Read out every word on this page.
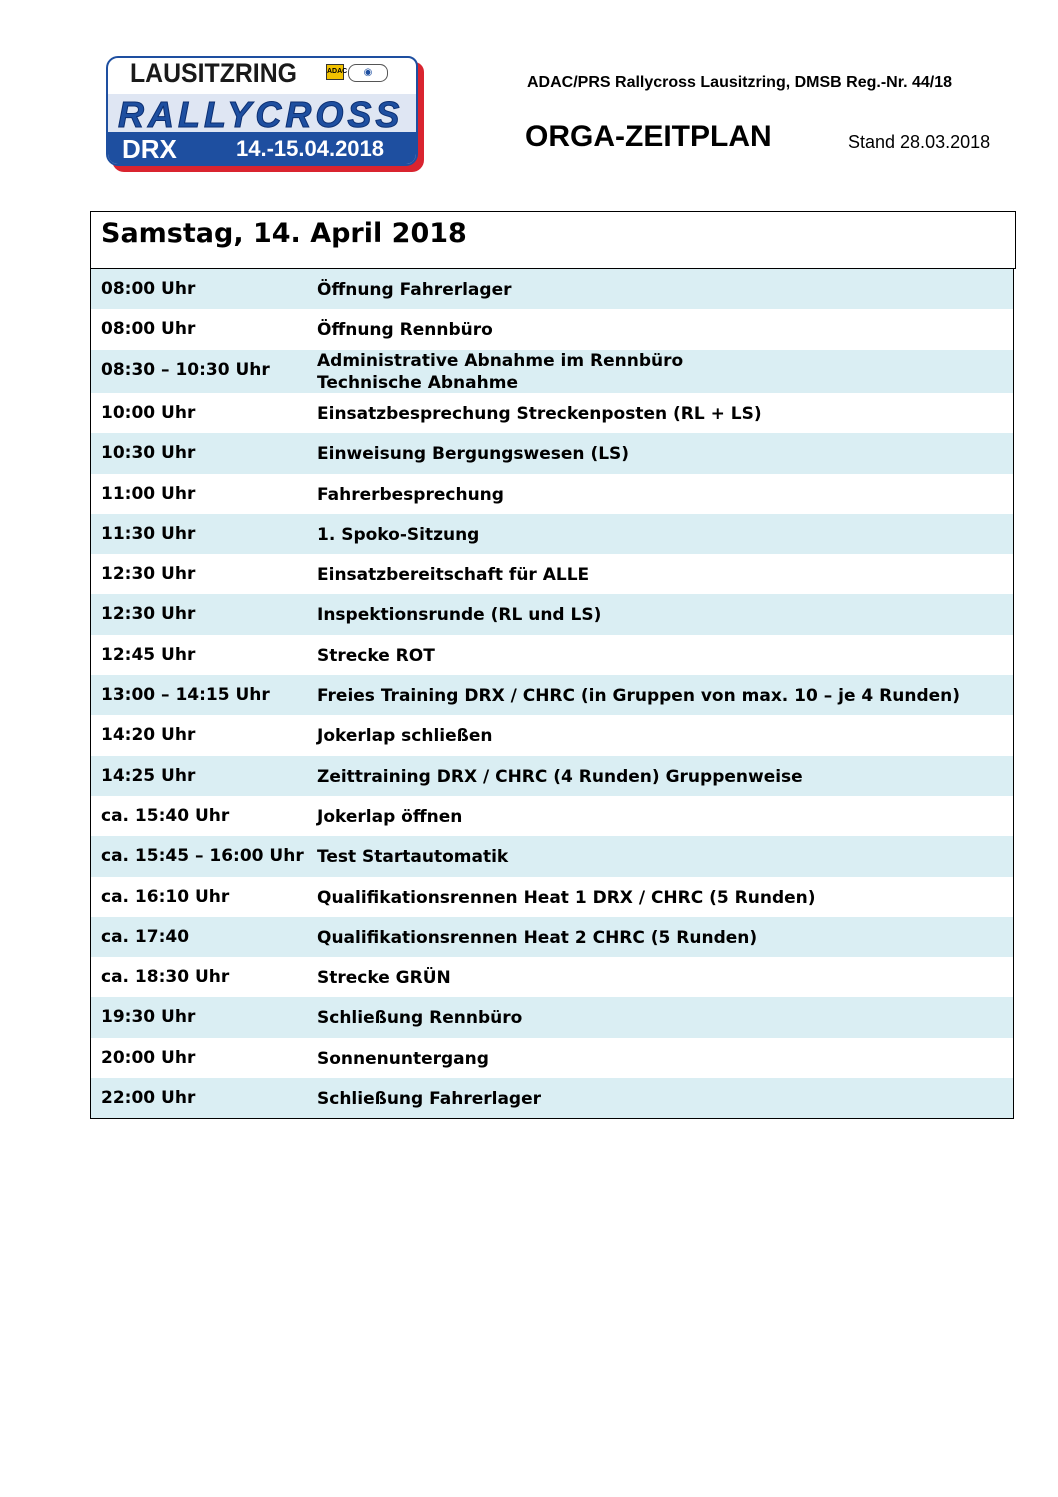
LAUSITZRING	ADAC	◉
RALLYCROSS
DRX	14.-15.04.2018
ADAC/PRS Rallycross Lausitzring, DMSB Reg.-Nr. 44/18
ORGA-ZEITPLAN	Stand 28.03.2018
Samstag, 14. April 2018
08:00 Uhr	Öffnung Fahrerlager
08:00 Uhr	Öffnung Rennbüro
08:30 – 10:30 Uhr	Administrative Abnahme im Rennbüro
Technische Abnahme
10:00 Uhr	Einsatzbesprechung Streckenposten (RL + LS)
10:30 Uhr	Einweisung Bergungswesen (LS)
11:00 Uhr	Fahrerbesprechung
11:30 Uhr	1. Spoko-Sitzung
12:30 Uhr	Einsatzbereitschaft für ALLE
12:30 Uhr	Inspektionsrunde (RL und LS)
12:45 Uhr	Strecke ROT
13:00 – 14:15 Uhr	Freies Training DRX / CHRC (in Gruppen von max. 10 – je 4 Runden)
14:20 Uhr	Jokerlap schließen
14:25 Uhr	Zeittraining DRX / CHRC (4 Runden) Gruppenweise
ca. 15:40 Uhr	Jokerlap öffnen
ca. 15:45 – 16:00 Uhr Test Startautomatik
ca. 16:10 Uhr	Qualifikationsrennen Heat 1 DRX / CHRC (5 Runden)
ca. 17:40	Qualifikationsrennen Heat 2 CHRC (5 Runden)
ca. 18:30 Uhr	Strecke GRÜN
19:30 Uhr	Schließung Rennbüro
20:00 Uhr	Sonnenuntergang
22:00 Uhr	Schließung Fahrerlager
